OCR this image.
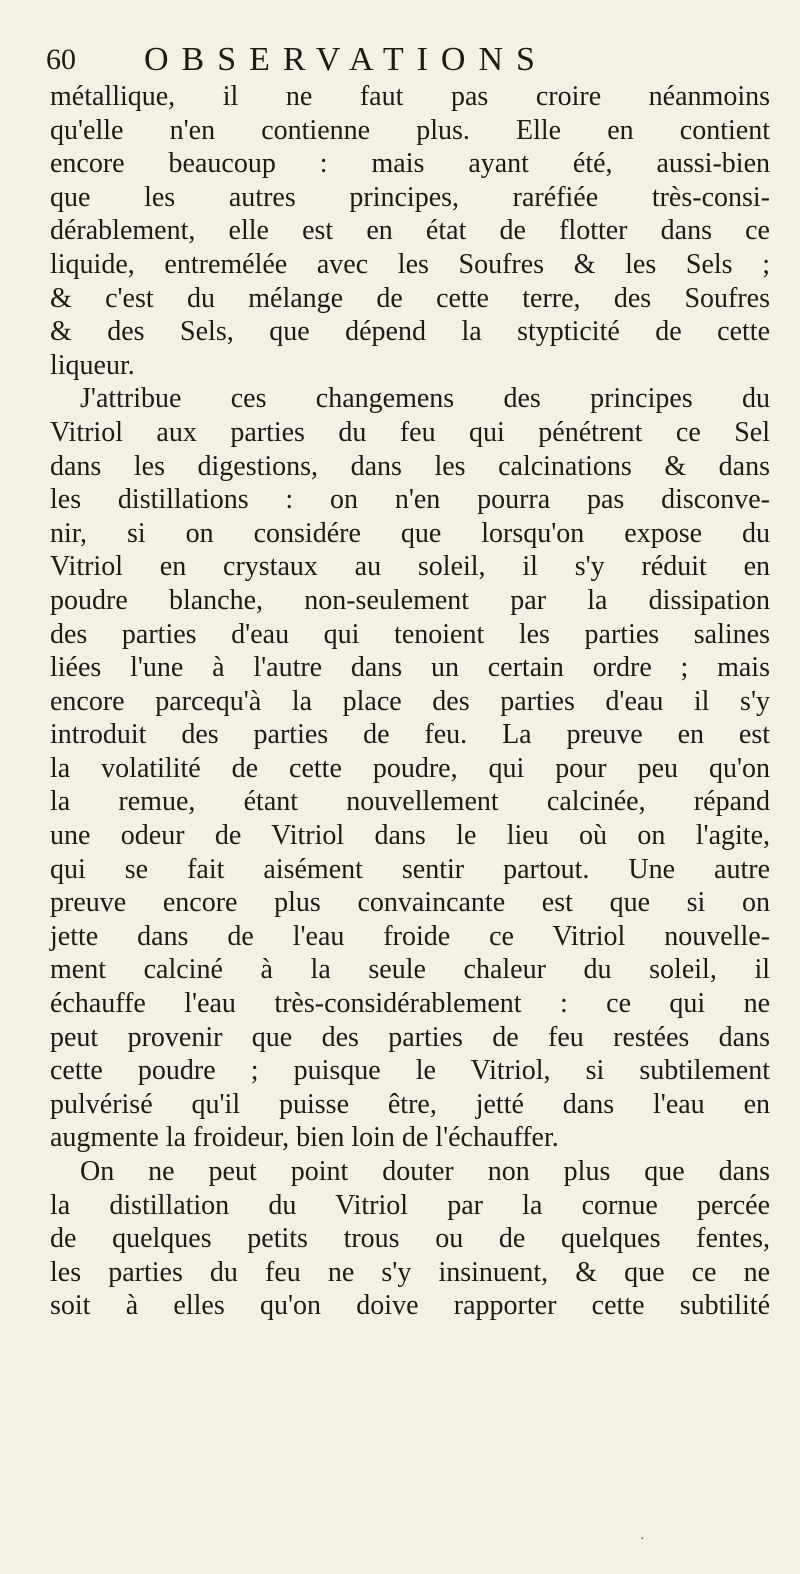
60 OBSERVATIONS
métallique, il ne faut pas croire néanmoins
qu'elle n'en contienne plus. Elle en contient
encore beaucoup : mais ayant été, aussi-bien
que les autres principes, raréfiée très-consi-
dérablement, elle est en état de flotter dans ce
liquide, entremélée avec les Soufres & les Sels ;
& c'est du mélange de cette terre, des Soufres
& des Sels, que dépend la stypticité de cette
liqueur.
J'attribue ces changemens des principes du
Vitriol aux parties du feu qui pénétrent ce Sel
dans les digestions, dans les calcinations & dans
les distillations : on n'en pourra pas disconve-
nir, si on considére que lorsqu'on expose du
Vitriol en crystaux au soleil, il s'y réduit en
poudre blanche, non-seulement par la dissipation
des parties d'eau qui tenoient les parties salines
liées l'une à l'autre dans un certain ordre ; mais
encore parcequ'à la place des parties d'eau il s'y
introduit des parties de feu. La preuve en est
la volatilité de cette poudre, qui pour peu qu'on
la remue, étant nouvellement calcinée, répand
une odeur de Vitriol dans le lieu où on l'agite,
qui se fait aisément sentir partout. Une autre
preuve encore plus convaincante est que si on
jette dans de l'eau froide ce Vitriol nouvelle-
ment calciné à la seule chaleur du soleil, il
échauffe l'eau très-considérablement : ce qui ne
peut provenir que des parties de feu restées dans
cette poudre ; puisque le Vitriol, si subtilement
pulvérisé qu'il puisse être, jetté dans l'eau en
augmente la froideur, bien loin de l'échauffer.
On ne peut point douter non plus que dans
la distillation du Vitriol par la cornue percée
de quelques petits trous ou de quelques fentes,
les parties du feu ne s'y insinuent, & que ce ne
soit à elles qu'on doive rapporter cette subtilité
·
